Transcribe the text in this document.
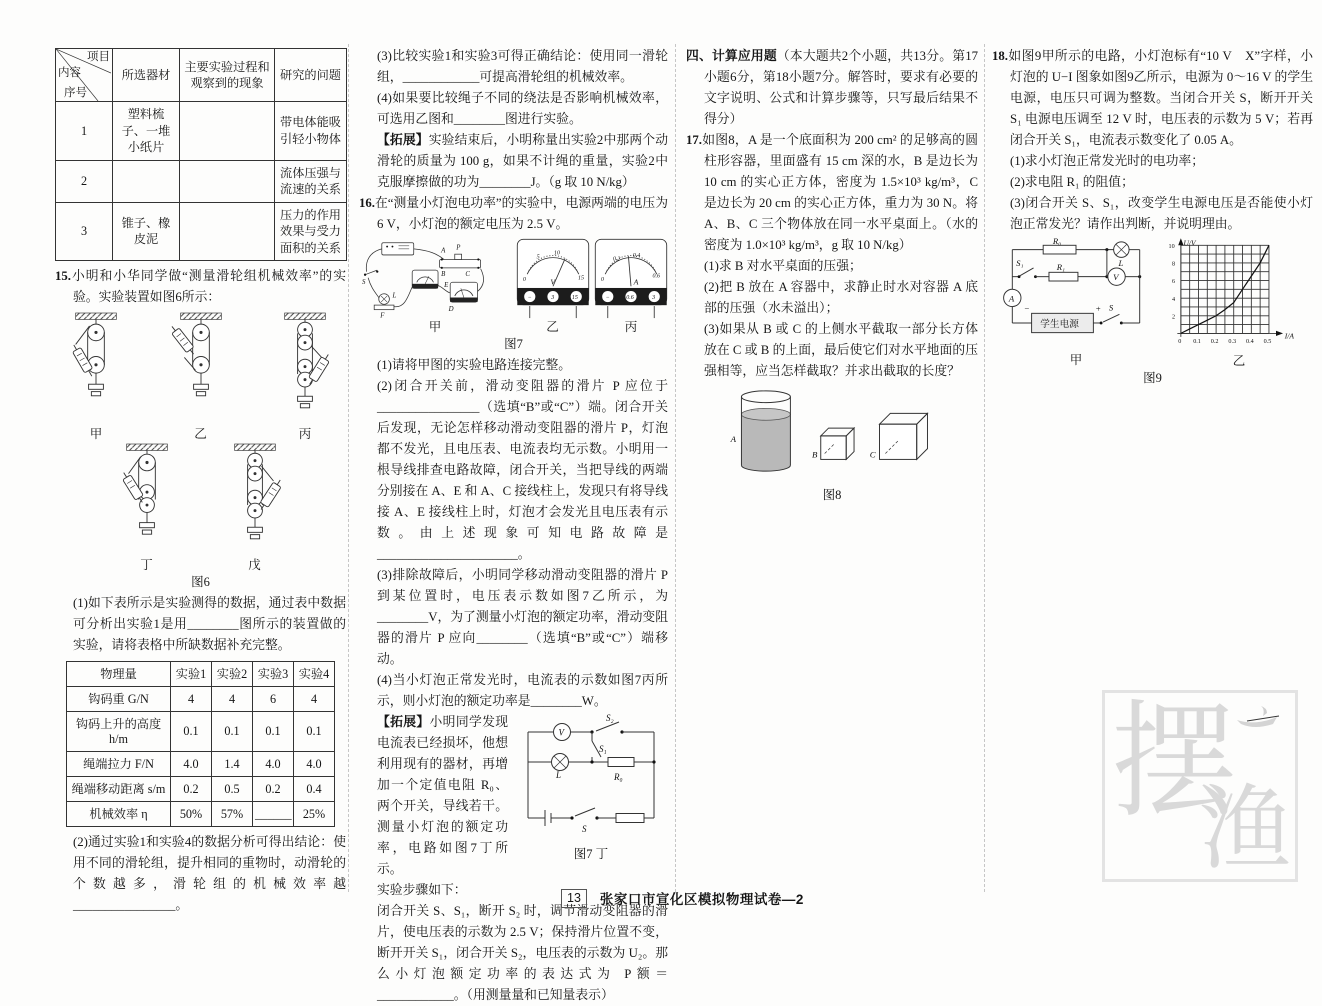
项目
内容
序号	所选器材	主要实验过程和观察到的现象	研究的问题
1	塑料梳子、一堆小纸片		带电体能吸引轻小物体
2			流体压强与流速的关系
3	锥子、橡皮泥		压力的作用效果与受力面积的关系
15.小明和小华同学做“测量滑轮组机械效率”的实验。实验装置如图6所示：
甲	乙	丙
丁	戊
图6
(1)如下表所示是实验测得的数据，通过表中数据可分析出实验1是用________图所示的装置做的实验，请将表格中所缺数据补充完整。
物理量	实验1	实验2	实验3	实验4
钩码重 G/N	4	4	6	4
钩码上升的高度 h/m	0.1	0.1	0.1	0.1
绳端拉力 F/N	4.0	1.4	4.0	4.0
绳端移动距离 s/m	0.2	0.5	0.2	0.4
机械效率 η	50%	57%	______	25%
(2)通过实验1和实验4的数据分析可得出结论：使用不同的滑轮组，提升相同的重物时，动滑轮的个数越多，滑轮组的机械效率越________________。
(3)比较实验1和实验3可得正确结论：使用同一滑轮组，____________可提高滑轮组的机械效率。
(4)如果要比较绳子不同的绕法是否影响机械效率，可选用乙图和________图进行实验。
【拓展】实验结束后，小明称量出实验2中那两个动滑轮的质量为 100 g，如果不计绳的重量，实验2中克服摩擦做的功为________J。（g 取 10 N/kg）
16.在“测量小灯泡电功率”的实验中，电源两端的电压为 6 V，小灯泡的额定电压为 2.5 V。
A P
B C
S	E
D
L
F
甲
0
5
10
15
V
−	3	15
乙
0
0.2
0.4
0.6
A
− 0.6	3
丙
图7
(1)请将甲图的实验电路连接完整。
(2)闭合开关前，滑动变阻器的滑片 P 应位于________________（选填“B”或“C”）端。闭合开关后发现，无论怎样移动滑动变阻器的滑片 P，灯泡都不发光，且电压表、电流表均无示数。小明用一根导线排查电路故障，闭合开关，当把导线的两端分别接在 A、E 和 A、C 接线柱上，发现只有将导线接 A、E 接线柱上时，灯泡才会发光且电压表有示数。由上述现象可知电路故障是______________________。
(3)排除故障后，小明同学移动滑动变阻器的滑片 P 到某位置时，电压表示数如图7乙所示，为________V，为了测量小灯泡的额定功率，滑动变阻器的滑片 P 应向________（选填“B”或“C”）端移动。
(4)当小灯泡正常发光时，电流表的示数如图7丙所示，则小灯泡的额定功率是________W。
V
S₂
S₁
L	R₀
S
图7 丁
【拓展】小明同学发现电流表已经损坏，他想利用现有的器材，再增加一个定值电阻 R₀、两个开关，导线若干。测量小灯泡的额定功率，电路如图7丁所示。
实验步骤如下：
闭合开关 S、S₁，断开 S₂ 时，调节滑动变阻器的滑片，使电压表的示数为 2.5 V；保持滑片位置不变，断开开关 S₁，闭合开关 S₂，电压表的示数为 U₂。那么小灯泡额定功率的表达式为 P额＝____________。（用测量量和已知量表示）
四、计算应用题（本大题共2个小题，共13分。第17小题6分，第18小题7分。解答时，要求有必要的文字说明、公式和计算步骤等，只写最后结果不得分）
17.如图8，A 是一个底面积为 200 cm² 的足够高的圆柱形容器，里面盛有 15 cm 深的水，B 是边长为 10 cm 的实心正方体，密度为 1.5×10³ kg/m³，C 是边长为 20 cm 的实心正方体，重力为 30 N。将 A、B、C 三个物体放在同一水平桌面上。（水的密度为 1.0×10³ kg/m³，g 取 10 N/kg）
(1)求 B 对水平桌面的压强；
(2)把 B 放在 A 容器中，求静止时水对容器 A 底部的压强（水未溢出）；
(3)如果从 B 或 C 的上侧水平截取一部分长方体放在 C 或 B 的上面，最后使它们对水平地面的压强相等，应当怎样截取？并求出截取的长度？
A
B	C
图8
18.如图9甲所示的电路，小灯泡标有“10 V　X”字样，小灯泡的 U−I 图象如图9乙所示，电源为 0～16 V 的学生电源，电压只可调为整数。当闭合开关 S，断开开关 S₁ 电源电压调至 12 V 时，电压表的示数为 5 V；若再闭合开关 S₁，电流表示数变化了 0.05 A。
(1)求小灯泡正常发光时的电功率；
(2)求电阻 R₁ 的阻值；
(3)闭合开关 S、S₁，改变学生电源电压是否能使小灯泡正常发光？请作出判断，并说明理由。
R₀
L
S₁	R₁
V
A
学生电源
−	+ S
甲
U/V
I/A
2
4
6
8
10
0 0.1 0.2 0.3 0.4 0.5
乙
图9
13	张家口市宣化区模拟物理试卷—2
摆
渔
